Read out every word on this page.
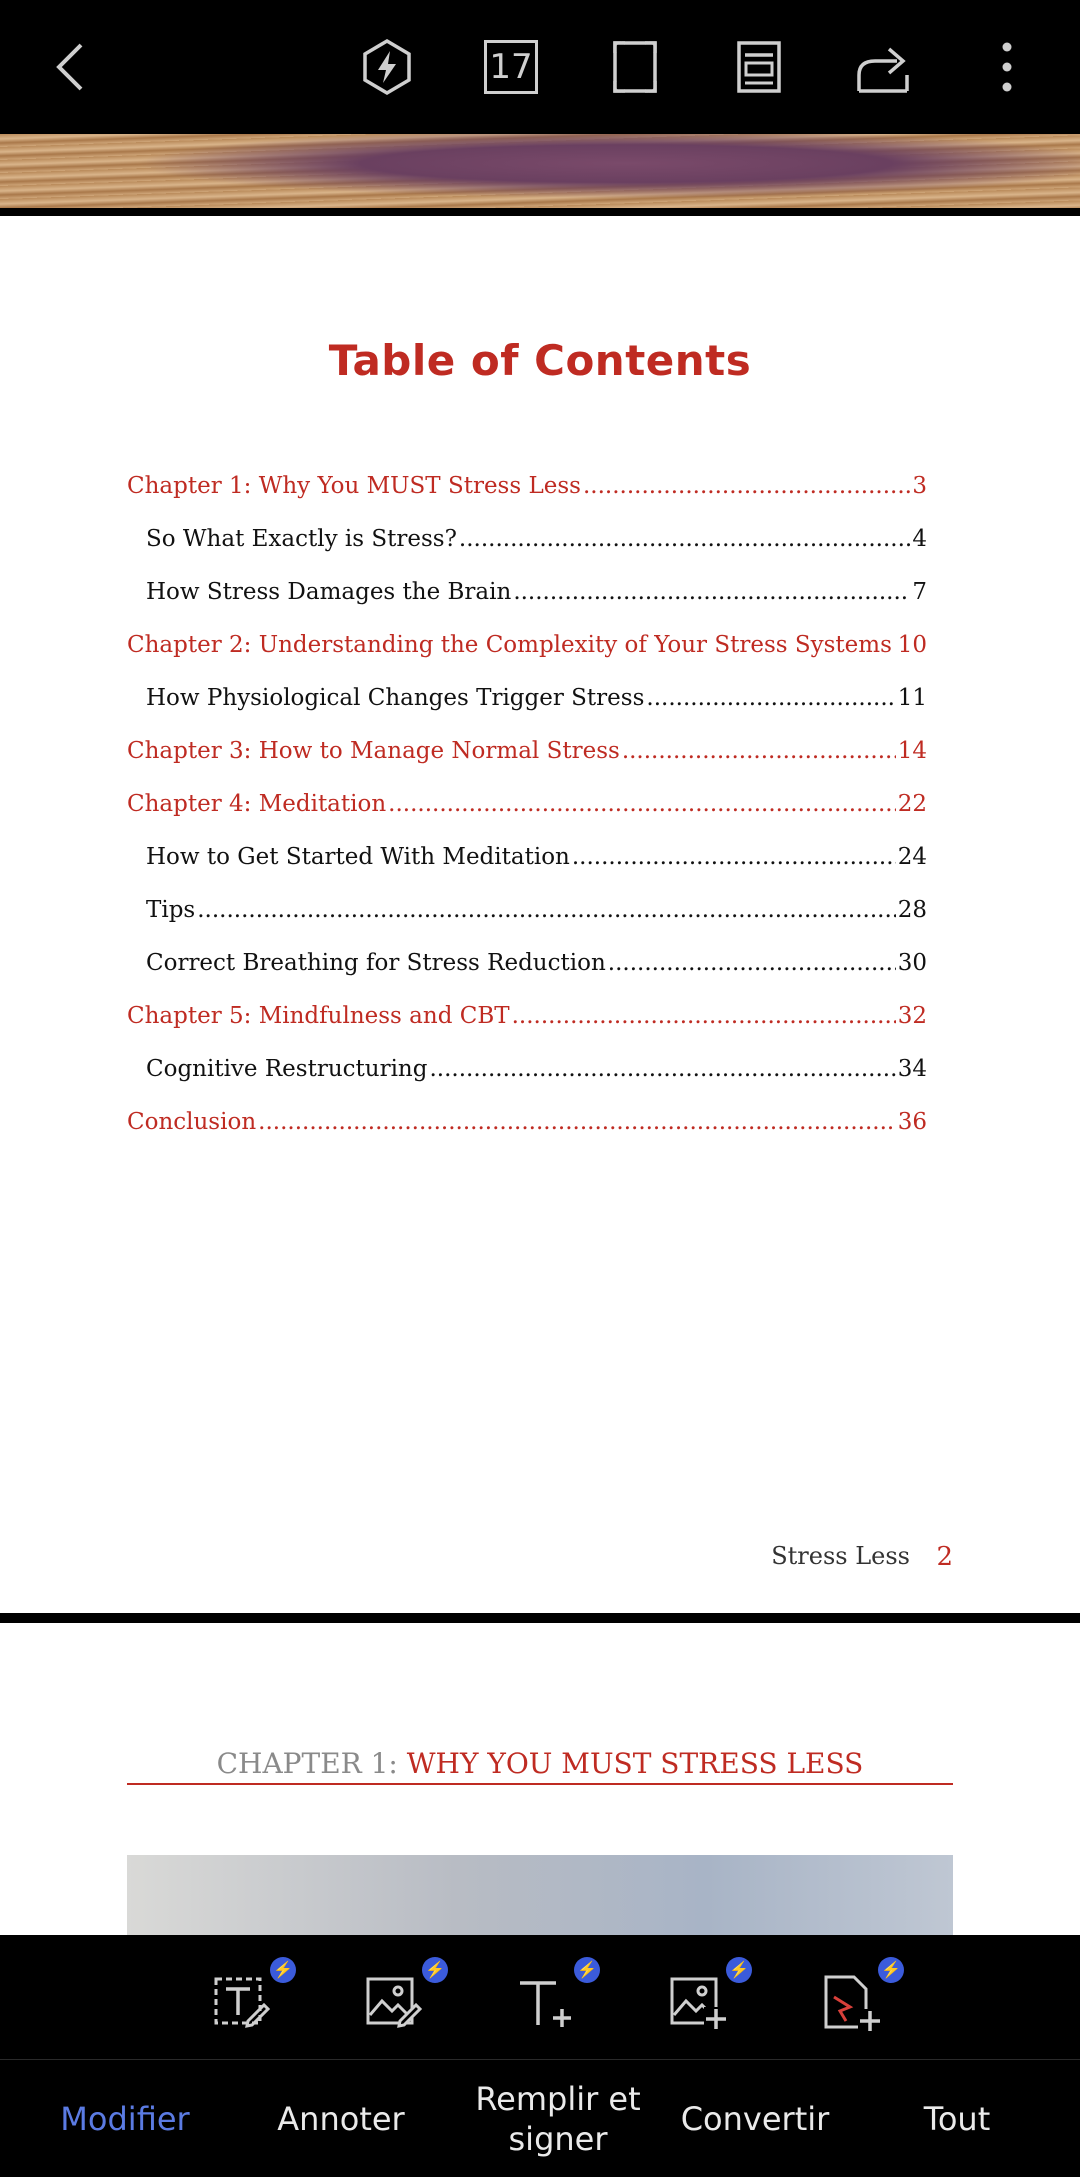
17
Table of Contents
Chapter 1: Why You MUST Stress Less .....	3
So What Exactly is Stress? .....	4
How Stress Damages the Brain .....	7
Chapter 2: Understanding the Complexity of Your Stress Systems ..... 10
How Physiological Changes Trigger Stress .....	11
Chapter 3: How to Manage Normal Stress .....	14
Chapter 4: Meditation .....	22
How to Get Started With Meditation .....	24
Tips .....	28
Correct Breathing for Stress Reduction .....	30
Chapter 5: Mindfulness and CBT .....	32
Cognitive Restructuring .....	34
Conclusion .....	36
Stress Less 2
CHAPTER 1: WHY YOU MUST STRESS LESS
⚡	⚡	⚡	⚡	⚡
Modifier	Annoter
Remplir et
signer
Convertir	Tout
